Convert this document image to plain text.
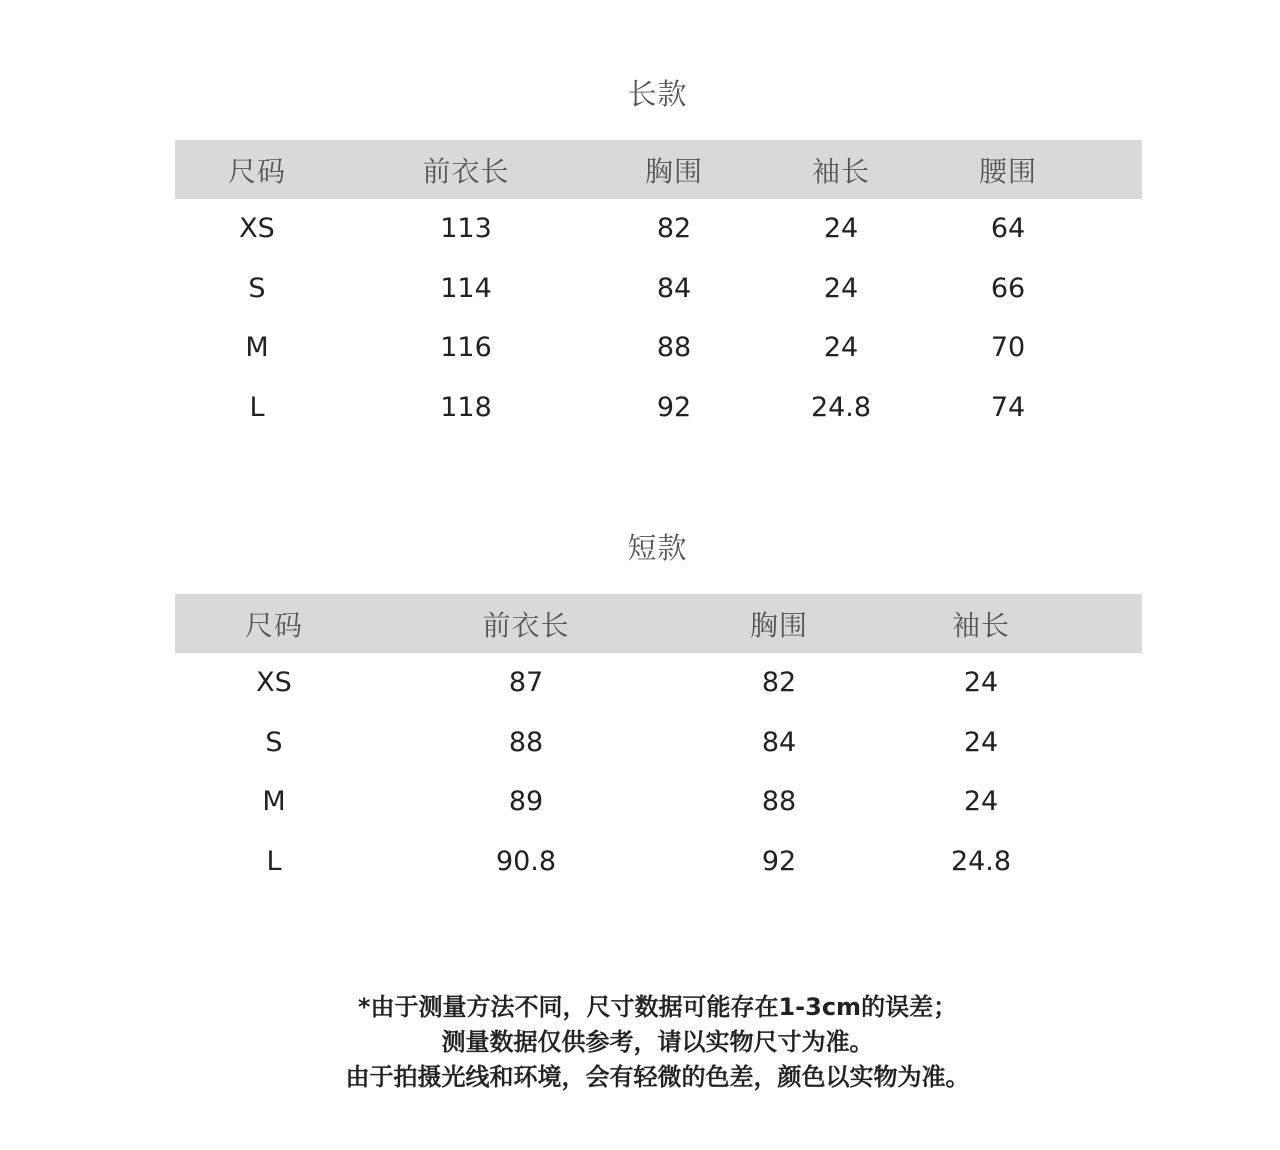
长款
尺码	前衣长	胸围	袖长	腰围
XS	113	82	24	64
S	114	84	24	66
M	116	88	24	70
L	118	92	24.8	74
短款
尺码	前衣长	胸围	袖长
XS	87	82	24
S	88	84	24
M	89	88	24
L	90.8	92	24.8
*由于测量方法不同，尺寸数据可能存在1-3cm的误差；
测量数据仅供参考，请以实物尺寸为准。
由于拍摄光线和环境，会有轻微的色差，颜色以实物为准。
